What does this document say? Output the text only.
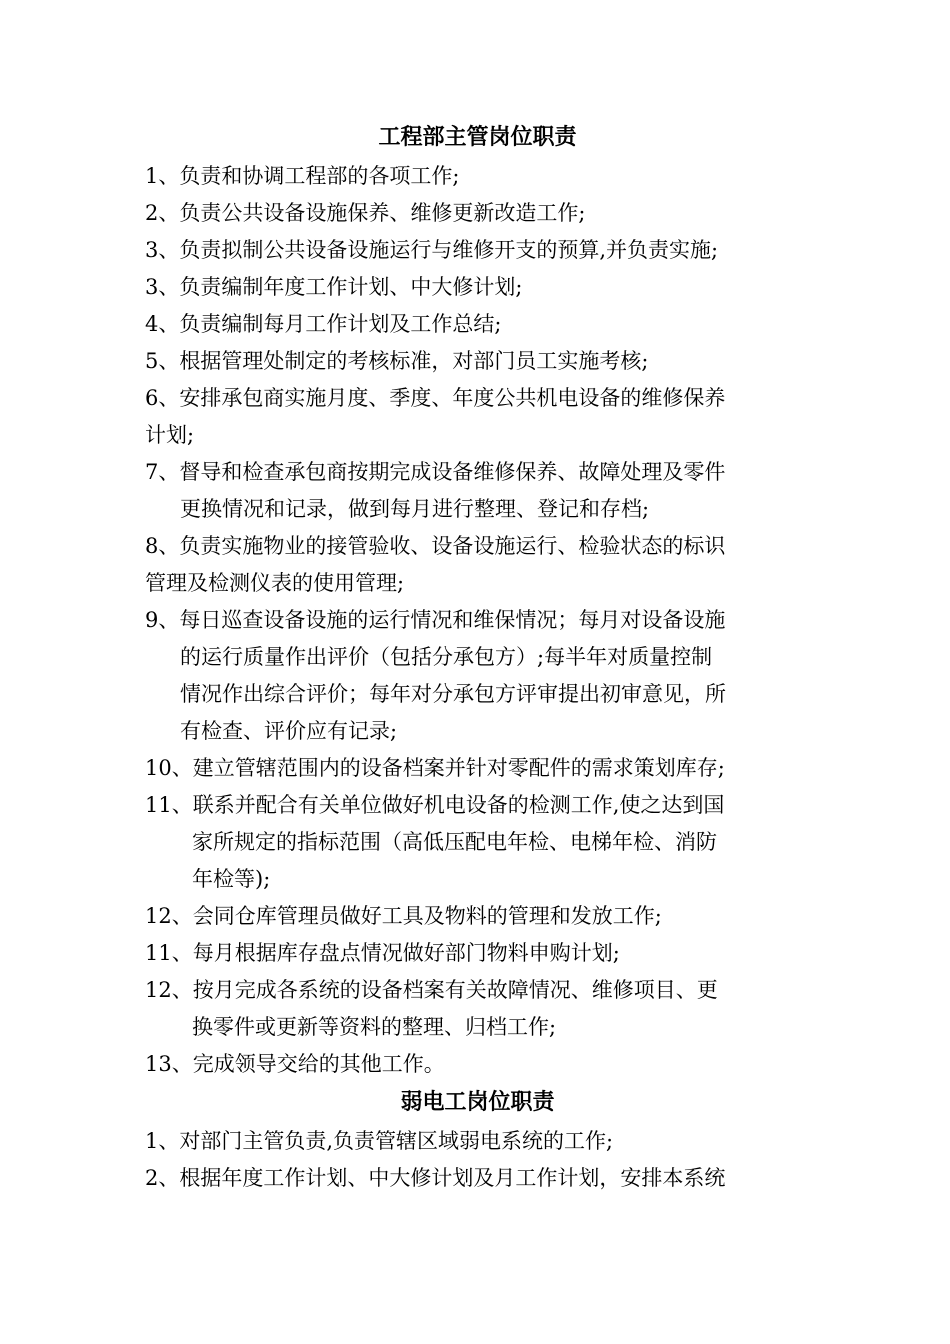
工程部主管岗位职责
1、负责和协调工程部的各项工作;
2、负责公共设备设施保养、维修更新改造工作;
3、负责拟制公共设备设施运行与维修开支的预算,并负责实施;
3、负责编制年度工作计划、中大修计划;
4、负责编制每月工作计划及工作总结;
5、根据管理处制定的考核标准，对部门员工实施考核;
6、安排承包商实施月度、季度、年度公共机电设备的维修保养
计划;
7、督导和检查承包商按期完成设备维修保养、故障处理及零件
更换情况和记录，做到每月进行整理、登记和存档;
8、负责实施物业的接管验收、设备设施运行、检验状态的标识
管理及检测仪表的使用管理;
9、每日巡查设备设施的运行情况和维保情况；每月对设备设施
的运行质量作出评价（包括分承包方）;每半年对质量控制
情况作出综合评价；每年对分承包方评审提出初审意见，所
有检查、评价应有记录;
10、建立管辖范围内的设备档案并针对零配件的需求策划库存;
11、联系并配合有关单位做好机电设备的检测工作,使之达到国
家所规定的指标范围（高低压配电年检、电梯年检、消防
年检等);
12、会同仓库管理员做好工具及物料的管理和发放工作;
11、每月根据库存盘点情况做好部门物料申购计划;
12、按月完成各系统的设备档案有关故障情况、维修项目、更
换零件或更新等资料的整理、归档工作;
13、完成领导交给的其他工作。
弱电工岗位职责
1、对部门主管负责,负责管辖区域弱电系统的工作;
2、根据年度工作计划、中大修计划及月工作计划，安排本系统
